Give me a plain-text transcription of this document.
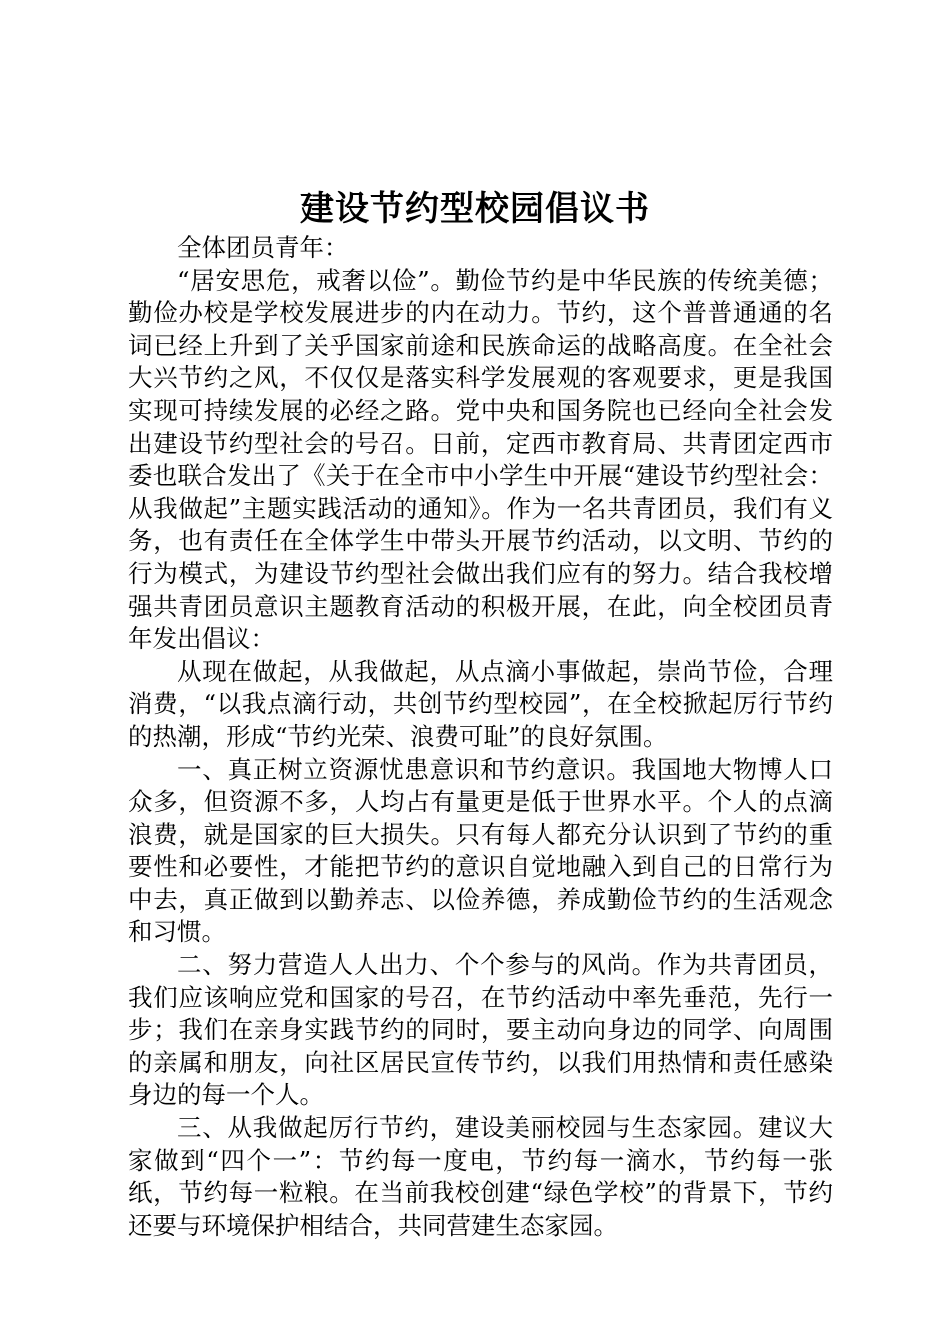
建设节约型校园倡议书

全体团员青年：

“居安思危，戒奢以俭”。勤俭节约是中华民族的传统美德；勤俭办校是学校发展进步的内在动力。节约，这个普普通通的名词已经上升到了关乎国家前途和民族命运的战略高度。在全社会大兴节约之风，不仅仅是落实科学发展观的客观要求，更是我国实现可持续发展的必经之路。党中央和国务院也已经向全社会发出建设节约型社会的号召。日前，定西市教育局、共青团定西市委也联合发出了《关于在全市中小学生中开展“建设节约型社会：从我做起”主题实践活动的通知》。作为一名共青团员，我们有义务，也有责任在全体学生中带头开展节约活动，以文明、节约的行为模式，为建设节约型社会做出我们应有的努力。结合我校增强共青团员意识主题教育活动的积极开展，在此，向全校团员青年发出倡议：

从现在做起，从我做起，从点滴小事做起，崇尚节俭，合理消费，“以我点滴行动，共创节约型校园”，在全校掀起厉行节约的热潮，形成“节约光荣、浪费可耻”的良好氛围。

一、真正树立资源忧患意识和节约意识。我国地大物博人口众多，但资源不多，人均占有量更是低于世界水平。个人的点滴浪费，就是国家的巨大损失。只有每人都充分认识到了节约的重要性和必要性，才能把节约的意识自觉地融入到自己的日常行为中去，真正做到以勤养志、以俭养德，养成勤俭节约的生活观念和习惯。

二、努力营造人人出力、个个参与的风尚。作为共青团员，我们应该响应党和国家的号召，在节约活动中率先垂范，先行一步；我们在亲身实践节约的同时，要主动向身边的同学、向周围的亲属和朋友，向社区居民宣传节约，以我们用热情和责任感染身边的每一个人。

三、从我做起厉行节约，建设美丽校园与生态家园。建议大家做到“四个一”：节约每一度电，节约每一滴水，节约每一张纸，节约每一粒粮。在当前我校创建“绿色学校”的背景下，节约还要与环境保护相结合，共同营建生态家园。
